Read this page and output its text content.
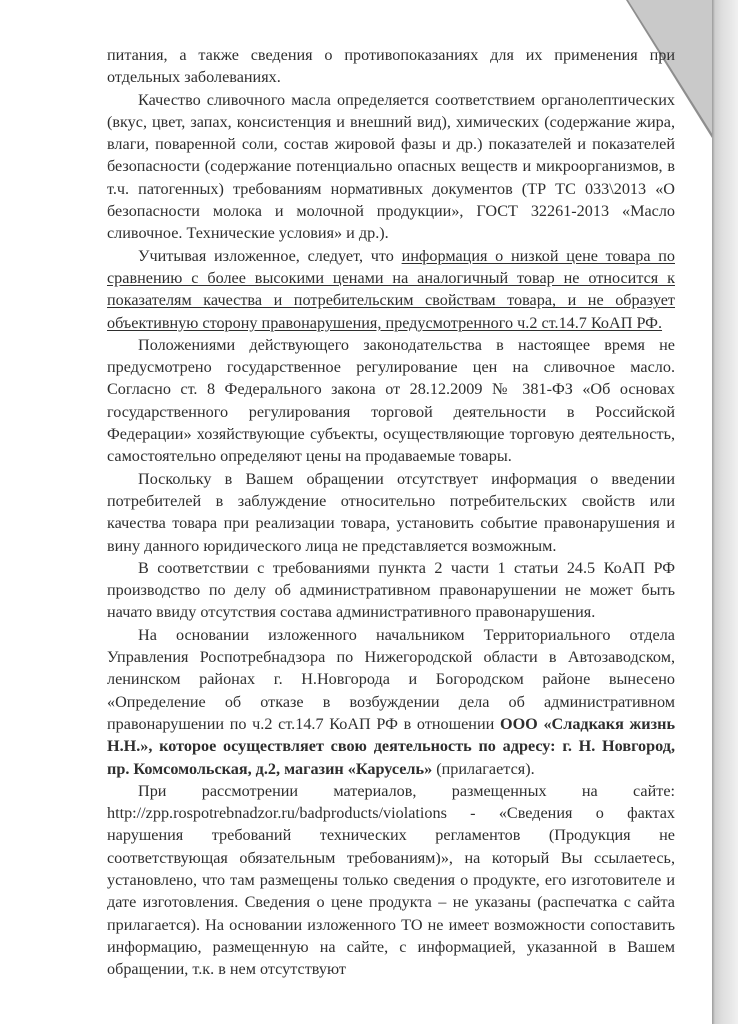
питания, а также сведения о противопоказаниях для их применения при отдельных заболеваниях.

Качество сливочного масла определяется соответствием органолептических (вкус, цвет, запах, консистенция и внешний вид), химических (содержание жира, влаги, поваренной соли, состав жировой фазы и др.) показателей и показателей безопасности (содержание потенциально опасных веществ и микроорганизмов, в т.ч. патогенных) требованиям нормативных документов (ТР ТС 033\2013 «О безопасности молока и молочной продукции», ГОСТ 32261-2013 «Масло сливочное. Технические условия» и др.).

Учитывая изложенное, следует, что информация о низкой цене товара по сравнению с более высокими ценами на аналогичный товар не относится к показателям качества и потребительским свойствам товара, и не образует объективную сторону правонарушения, предусмотренного ч.2 ст.14.7 КоАП РФ.

Положениями действующего законодательства в настоящее время не предусмотрено государственное регулирование цен на сливочное масло. Согласно ст. 8 Федерального закона от 28.12.2009 № 381-ФЗ «Об основах государственного регулирования торговой деятельности в Российской Федерации» хозяйствующие субъекты, осуществляющие торговую деятельность, самостоятельно определяют цены на продаваемые товары.

Поскольку в Вашем обращении отсутствует информация о введении потребителей в заблуждение относительно потребительских свойств или качества товара при реализации товара, установить событие правонарушения и вину данного юридического лица не представляется возможным.

В соответствии с требованиями пункта 2 части 1 статьи 24.5 КоАП РФ производство по делу об административном правонарушении не может быть начато ввиду отсутствия состава административного правонарушения.

На основании изложенного начальником Территориального отдела Управления Роспотребнадзора по Нижегородской области в Автозаводском, ленинском районах г. Н.Новгорода и Богородском районе вынесено «Определение об отказе в возбуждении дела об административном правонарушении по ч.2 ст.14.7 КоАП РФ в отношении ООО «Сладкакя жизнь Н.Н.», которое осуществляет свою деятельность по адресу: г. Н. Новгород, пр. Комсомольская, д.2, магазин «Карусель» (прилагается).

При рассмотрении материалов, размещенных на сайте: http://zpp.rospotrebnadzor.ru/badproducts/violations - «Сведения о фактах нарушения требований технических регламентов (Продукция не соответствующая обязательным требованиям)», на который Вы ссылаетесь, установлено, что там размещены только сведения о продукте, его изготовителе и дате изготовления. Сведения о цене продукта – не указаны (распечатка с сайта прилагается). На основании изложенного ТО не имеет возможности сопоставить информацию, размещенную на сайте, с информацией, указанной в Вашем обращении, т.к. в нем отсутствуют
